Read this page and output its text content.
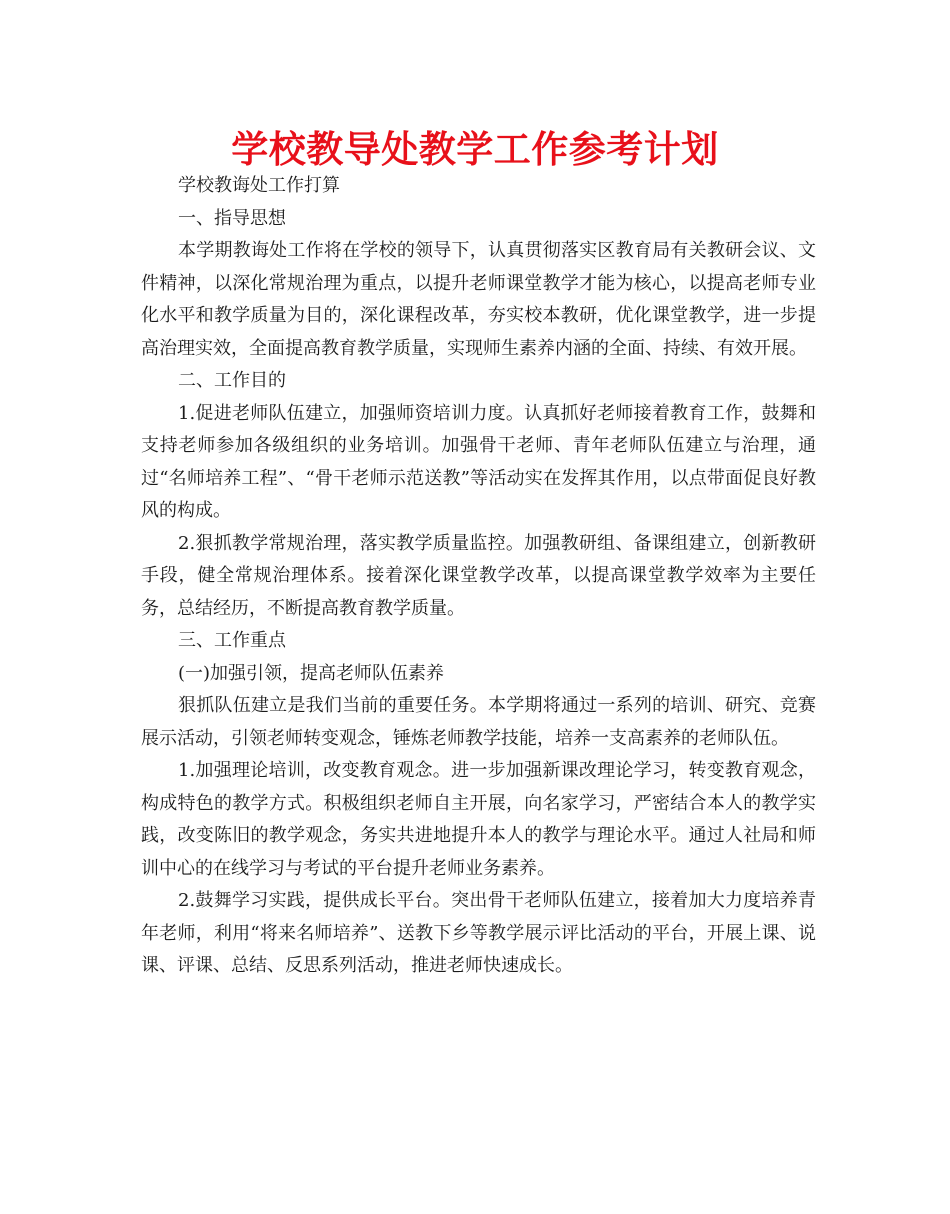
学校教导处教学工作参考计划

学校教诲处工作打算

一、指导思想

本学期教诲处工作将在学校的领导下，认真贯彻落实区教育局有关教研会议、文件精神，以深化常规治理为重点，以提升老师课堂教学才能为核心，以提高老师专业化水平和教学质量为目的，深化课程改革，夯实校本教研，优化课堂教学，进一步提高治理实效，全面提高教育教学质量，实现师生素养内涵的全面、持续、有效开展。

二、工作目的

1.促进老师队伍建立，加强师资培训力度。认真抓好老师接着教育工作，鼓舞和支持老师参加各级组织的业务培训。加强骨干老师、青年老师队伍建立与治理，通过“名师培养工程”、“骨干老师示范送教”等活动实在发挥其作用，以点带面促良好教风的构成。

2.狠抓教学常规治理，落实教学质量监控。加强教研组、备课组建立，创新教研手段，健全常规治理体系。接着深化课堂教学改革，以提高课堂教学效率为主要任务，总结经历，不断提高教育教学质量。

三、工作重点

(一)加强引领，提高老师队伍素养

狠抓队伍建立是我们当前的重要任务。本学期将通过一系列的培训、研究、竞赛展示活动，引领老师转变观念，锤炼老师教学技能，培养一支高素养的老师队伍。

1.加强理论培训，改变教育观念。进一步加强新课改理论学习，转变教育观念，构成特色的教学方式。积极组织老师自主开展，向名家学习，严密结合本人的教学实践，改变陈旧的教学观念，务实共进地提升本人的教学与理论水平。通过人社局和师训中心的在线学习与考试的平台提升老师业务素养。

2.鼓舞学习实践，提供成长平台。突出骨干老师队伍建立，接着加大力度培养青年老师，利用“将来名师培养”、送教下乡等教学展示评比活动的平台，开展上课、说课、评课、总结、反思系列活动，推进老师快速成长。
